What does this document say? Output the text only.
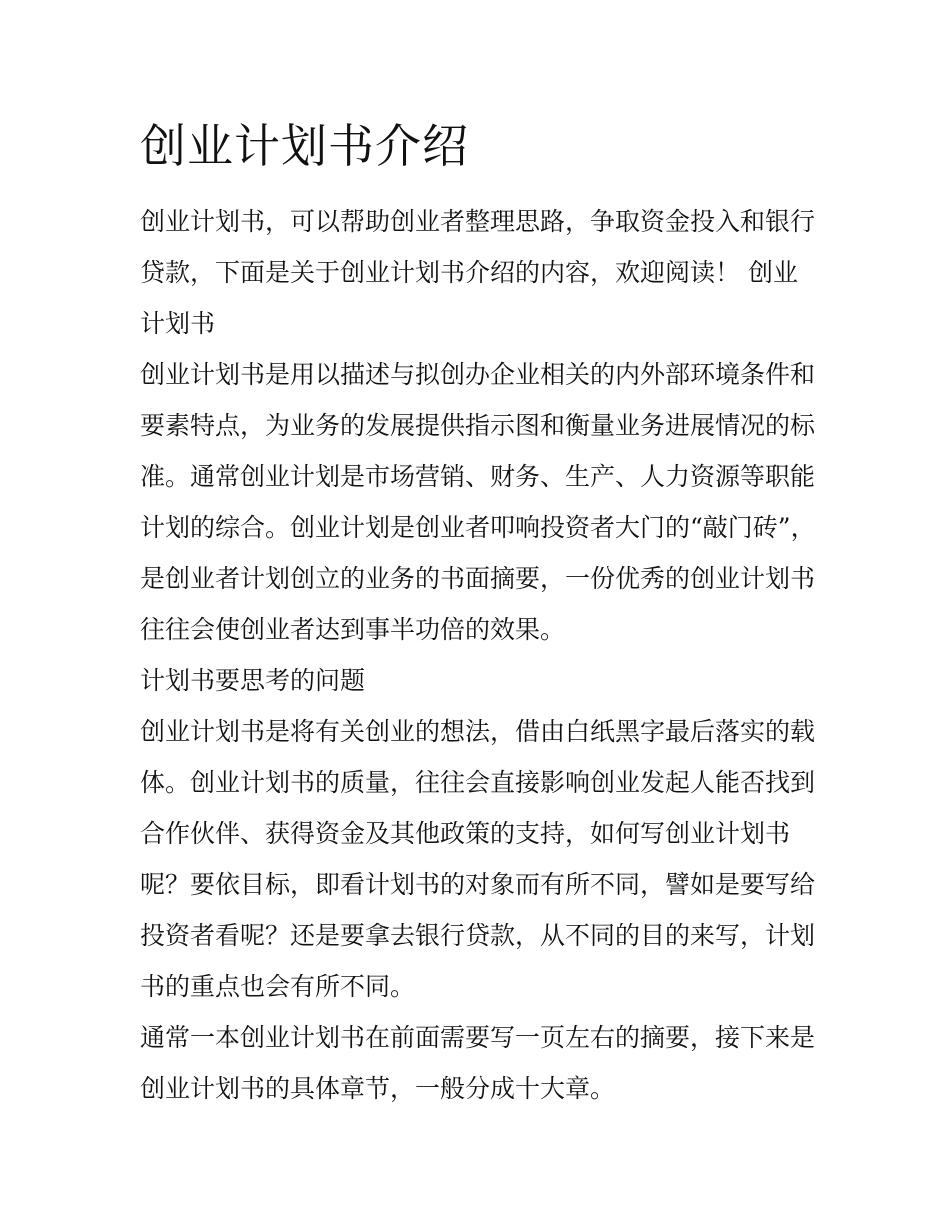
创业计划书介绍
创业计划书，可以帮助创业者整理思路，争取资金投入和银行
贷款，下面是关于创业计划书介绍的内容，欢迎阅读！ 创业
计划书
创业计划书是用以描述与拟创办企业相关的内外部环境条件和
要素特点，为业务的发展提供指示图和衡量业务进展情况的标
准。通常创业计划是市场营销、财务、生产、人力资源等职能
计划的综合。创业计划是创业者叩响投资者大门的“敲门砖”，
是创业者计划创立的业务的书面摘要，一份优秀的创业计划书
往往会使创业者达到事半功倍的效果。
计划书要思考的问题
创业计划书是将有关创业的想法，借由白纸黑字最后落实的载
体。创业计划书的质量，往往会直接影响创业发起人能否找到
合作伙伴、获得资金及其他政策的支持，如何写创业计划书
呢？要依目标，即看计划书的对象而有所不同，譬如是要写给
投资者看呢？还是要拿去银行贷款，从不同的目的来写，计划
书的重点也会有所不同。
通常一本创业计划书在前面需要写一页左右的摘要，接下来是
创业计划书的具体章节，一般分成十大章。
